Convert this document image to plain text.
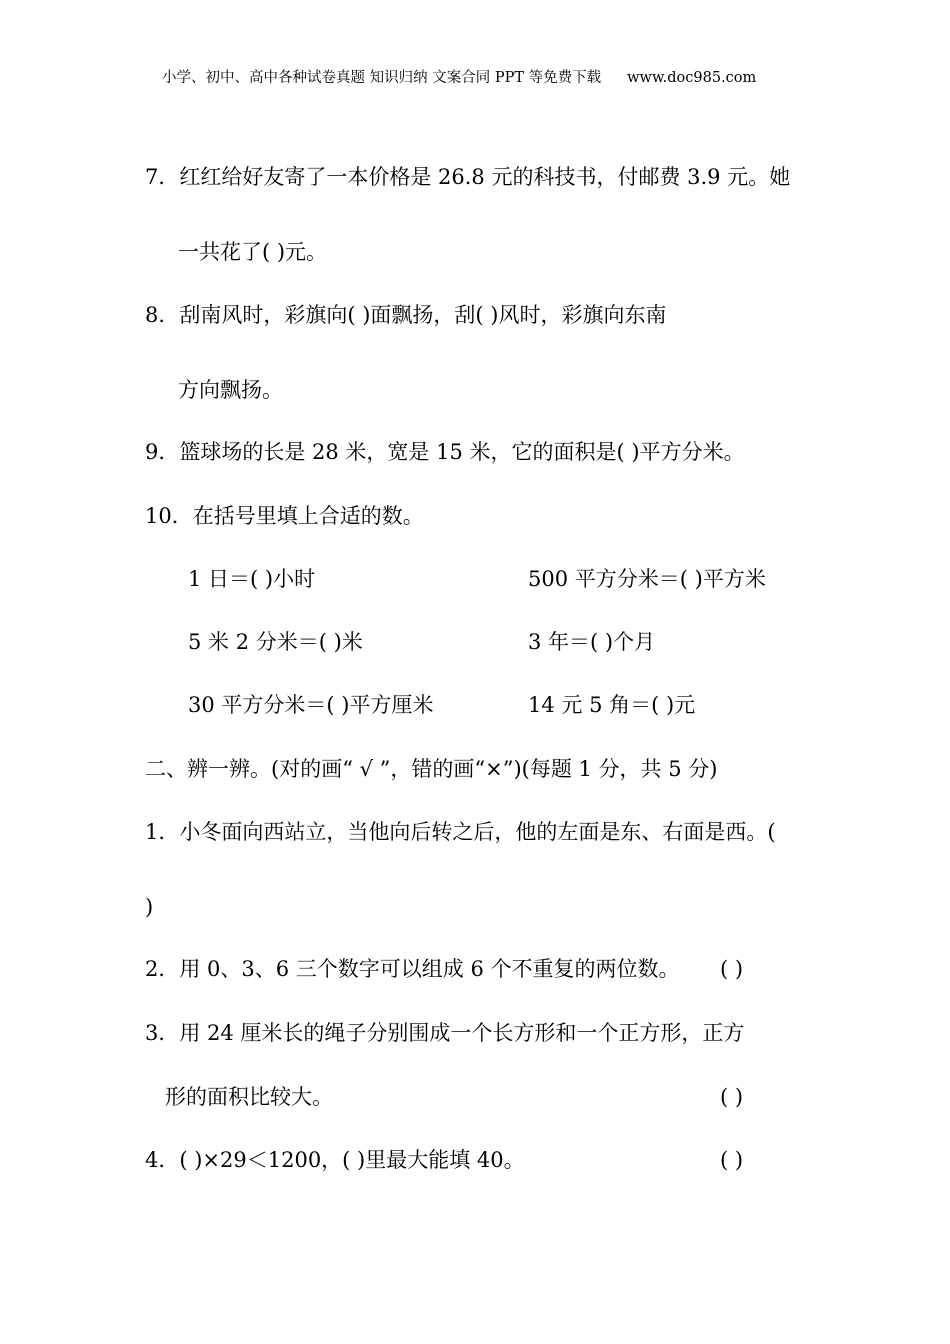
小学、初中、高中各种试卷真题 知识归纳 文案合同 PPT 等免费下载 www.doc985.com
7．红红给好友寄了一本价格是 26.8 元的科技书，付邮费 3.9 元。她
一共花了( )元。
8．刮南风时，彩旗向( )面飘扬，刮( )风时，彩旗向东南
方向飘扬。
9．篮球场的长是 28 米，宽是 15 米，它的面积是( )平方分米。
10．在括号里填上合适的数。
1 日＝( )小时	500 平方分米＝( )平方米
5 米 2 分米＝( )米	3 年＝( )个月
30 平方分米＝( )平方厘米	14 元 5 角＝( )元
二、辨一辨。(对的画“ √ ”，错的画“×”)(每题 1 分，共 5 分)
1．小冬面向西站立，当他向后转之后，他的左面是东、右面是西。(
)
2．用 0、3、6 三个数字可以组成 6 个不重复的两位数。 ( )
3．用 24 厘米长的绳子分别围成一个长方形和一个正方形，正方
形的面积比较大。	( )
4．( )×29＜1200，( )里最大能填 40。	( )
